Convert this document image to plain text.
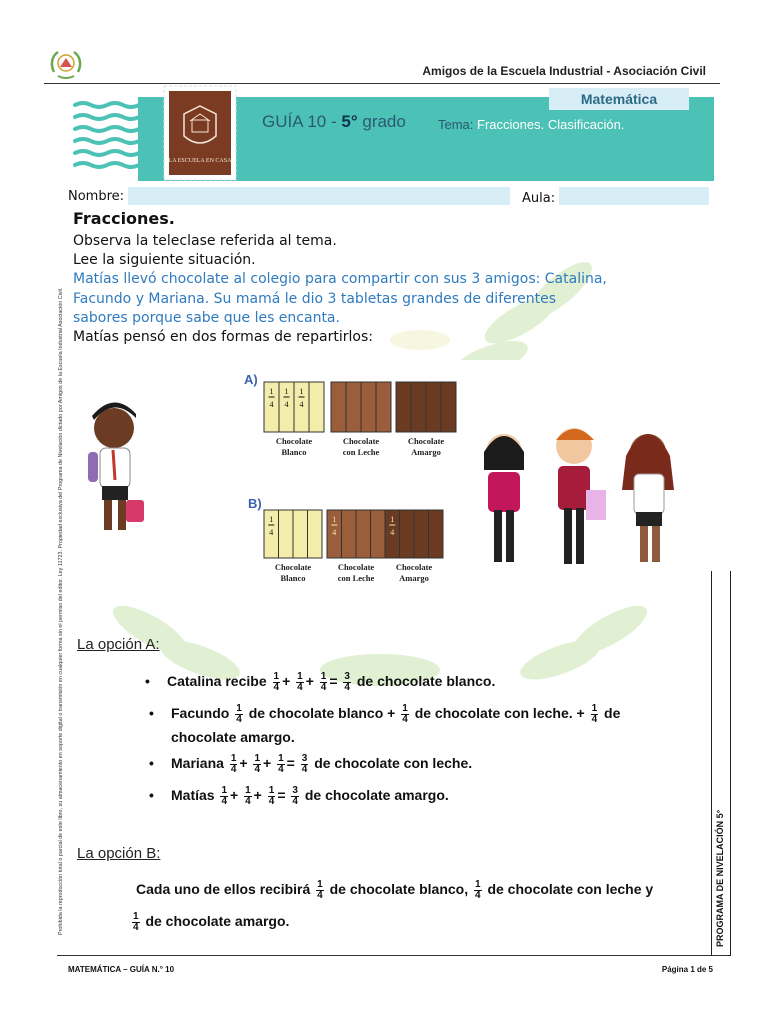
Amigos de la Escuela Industrial - Asociación Civil
Matemática
LA ESCUELA EN CASA
GUÍA 10 - 5° grado Tema: Fracciones. Clasificación.
Prohibida la reproducción total o parcial de este libro, su almacenamiento en soporte digital o transmisión en cualquier forma sin el permiso del editor. Ley 11723. Propiedad exclusiva del Programa de Nivelación dictado por Amigos de la Escuela Industrial Asociación Civil.
Nombre:	Aula:
Fracciones.
Observa la teleclase referida al tema.
Lee la siguiente situación.
Matías llevó chocolate al colegio para compartir con sus 3 amigos: Catalina,
Facundo y Mariana. Su mamá le dio 3 tabletas grandes de diferentes
sabores porque sabe que les encanta.
Matías pensó en dos formas de repartirlos:
A)
1
4
1
4
1
4
Chocolate
Blanco
Chocolate
con Leche
Chocolate
Amargo
B)
1
4
Chocolate
Blanco
1
4
Chocolate
con Leche
1
4
Chocolate
Amargo
La opción A:
• Catalina recibe $\frac{1}{4} + \frac{1}{4} + \frac{1}{4} = \frac{3}{4}$ de chocolate blanco.
• Facundo $\frac{1}{4}$ de chocolate blanco + $\frac{1}{4}$ de chocolate con leche. + $\frac{1}{4}$ de
chocolate amargo.
• Mariana $\frac{1}{4} + \frac{1}{4} + \frac{1}{4} = \frac{3}{4}$ de chocolate con leche.
• Matías $\frac{1}{4} + \frac{1}{4} + \frac{1}{4} = \frac{3}{4}$ de chocolate amargo.
La opción B:
Cada uno de ellos recibirá $\frac{1}{4}$ de chocolate blanco, $\frac{1}{4}$ de chocolate con leche y
$\frac{1}{4}$ de chocolate amargo.	PROGRAMA DE NIVELACIÓN 5°
MATEMÁTICA – GUÍA N.° 10	Página 1 de 5
